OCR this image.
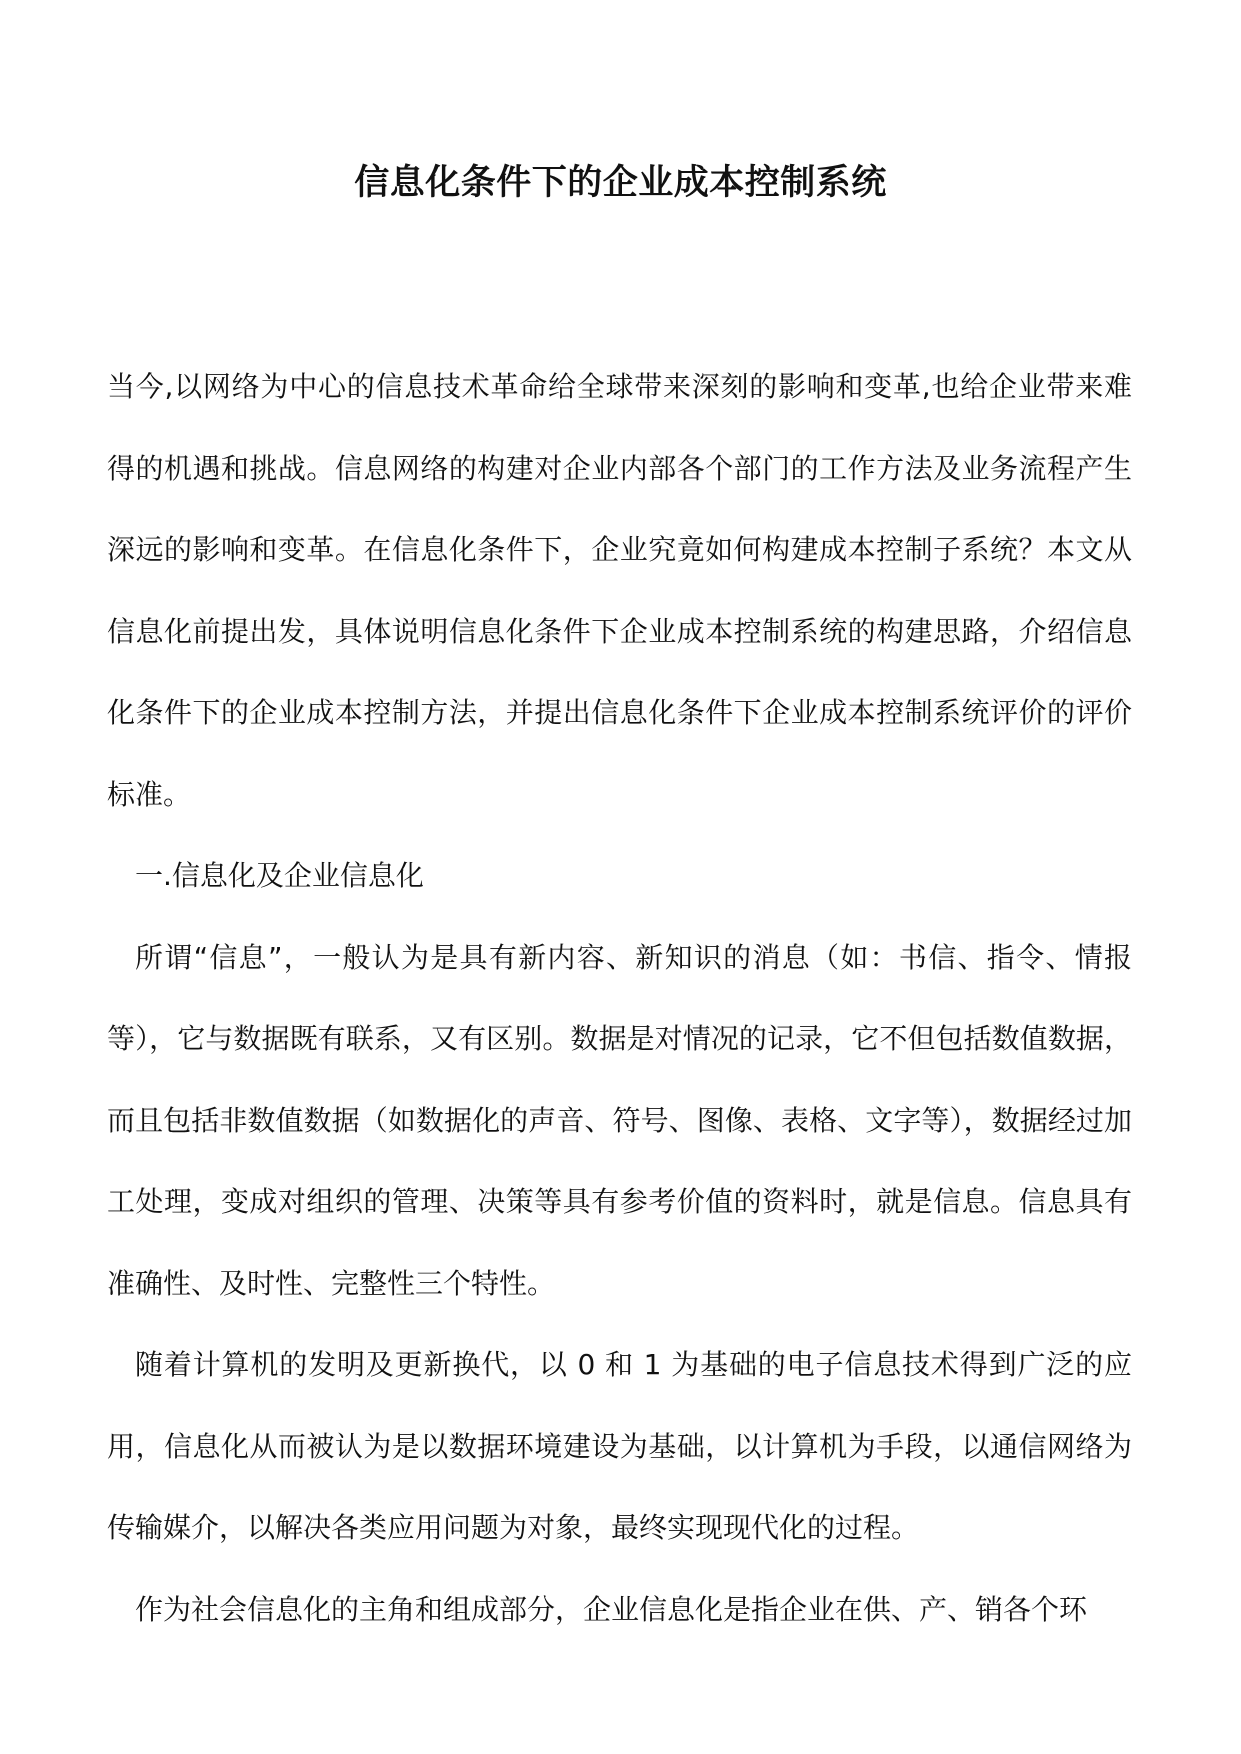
信息化条件下的企业成本控制系统

当今,以网络为中心的信息技术革命给全球带来深刻的影响和变革,也给企业带来难得的机遇和挑战。信息网络的构建对企业内部各个部门的工作方法及业务流程产生深远的影响和变革。在信息化条件下，企业究竟如何构建成本控制子系统？本文从信息化前提出发，具体说明信息化条件下企业成本控制系统的构建思路，介绍信息化条件下的企业成本控制方法，并提出信息化条件下企业成本控制系统评价的评价标准。

一.信息化及企业信息化

所谓“信息”，一般认为是具有新内容、新知识的消息（如：书信、指令、情报等），它与数据既有联系，又有区别。数据是对情况的记录，它不但包括数值数据，而且包括非数值数据（如数据化的声音、符号、图像、表格、文字等），数据经过加工处理，变成对组织的管理、决策等具有参考价值的资料时，就是信息。信息具有准确性、及时性、完整性三个特性。

随着计算机的发明及更新换代，以 0 和 1 为基础的电子信息技术得到广泛的应用，信息化从而被认为是以数据环境建设为基础，以计算机为手段，以通信网络为传输媒介，以解决各类应用问题为对象，最终实现现代化的过程。

作为社会信息化的主角和组成部分，企业信息化是指企业在供、产、销各个环
